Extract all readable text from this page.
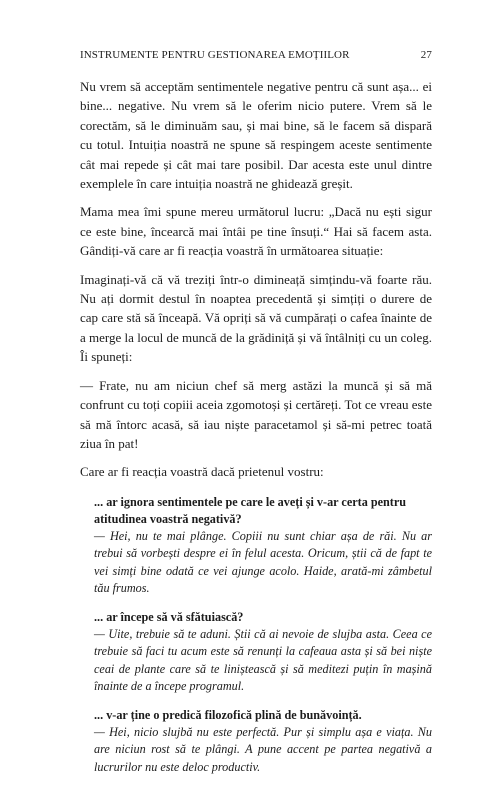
INSTRUMENTE PENTRU GESTIONAREA EMOȚIILOR	27

Nu vrem să acceptăm sentimentele negative pentru că sunt așa... ei bine... negative. Nu vrem să le oferim nicio putere. Vrem să le corectăm, să le diminuăm sau, și mai bine, să le facem să dispară cu totul. Intuiția noastră ne spune să respingem aceste sentimente cât mai repede și cât mai tare posibil. Dar acesta este unul dintre exemplele în care intuiția noastră ne ghidează greșit.

Mama mea îmi spune mereu următorul lucru: „Dacă nu ești sigur ce este bine, încearcă mai întâi pe tine însuți.“ Hai să facem asta. Gândiți-vă care ar fi reacția voastră în următoarea situație:

Imaginați-vă că vă treziți într-o dimineață simțindu-vă foarte rău. Nu ați dormit destul în noaptea precedentă și simțiți o durere de cap care stă să înceapă. Vă opriți să vă cumpărați o cafea înainte de a merge la locul de muncă de la grădiniță și vă întâlniți cu un coleg. Îi spuneți:

— Frate, nu am niciun chef să merg astăzi la muncă și să mă confrunt cu toți copiii aceia zgomotoși și certăreți. Tot ce vreau este să mă întorc acasă, să iau niște paracetamol și să-mi petrec toată ziua în pat!

Care ar fi reacția voastră dacă prietenul vostru:

... ar ignora sentimentele pe care le aveți și v-ar certa pentru atitudinea voastră negativă?

— Hei, nu te mai plânge. Copiii nu sunt chiar așa de răi. Nu ar trebui să vorbești despre ei în felul acesta. Oricum, știi că de fapt te vei simți bine odată ce vei ajunge acolo. Haide, arată-mi zâmbetul tău frumos.

... ar începe să vă sfătuiască?

— Uite, trebuie să te aduni. Știi că ai nevoie de slujba asta. Ceea ce trebuie să faci tu acum este să renunți la cafeaua asta și să bei niște ceai de plante care să te liniștească și să meditezi puțin în mașină înainte de a începe programul.

... v-ar ține o predică filozofică plină de bunăvoință.

— Hei, nicio slujbă nu este perfectă. Pur și simplu așa e viața. Nu are niciun rost să te plângi. A pune accent pe partea negativă a lucrurilor nu este deloc productiv.
